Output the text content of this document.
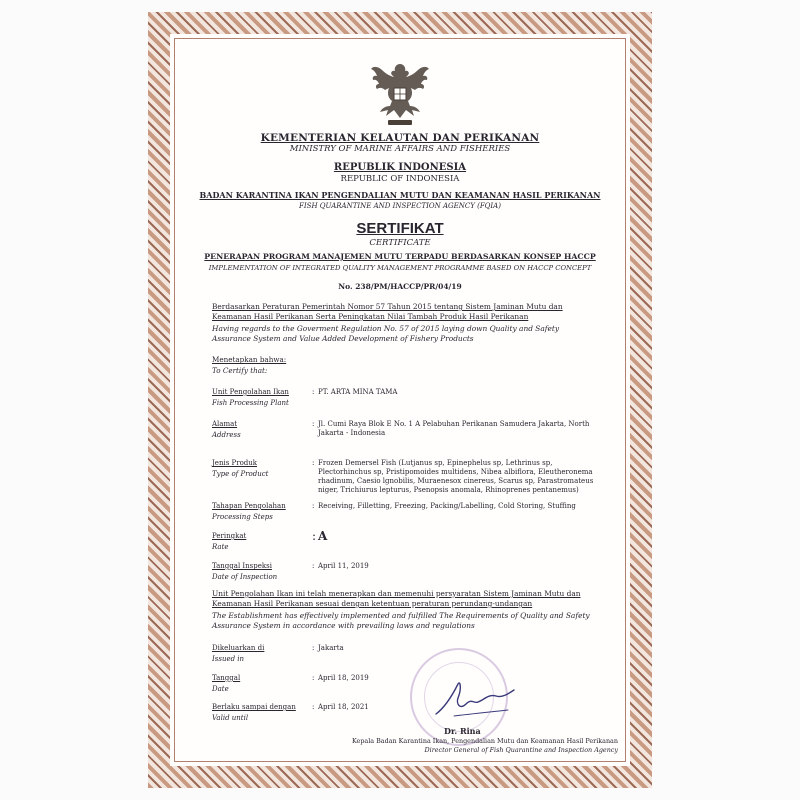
KEMENTERIAN KELAUTAN DAN PERIKANAN
MINISTRY OF MARINE AFFAIRS AND FISHERIES
REPUBLIK INDONESIA
REPUBLIC OF INDONESIA
BADAN KARANTINA IKAN PENGENDALIAN MUTU DAN KEAMANAN HASIL PERIKANAN
FISH QUARANTINE AND INSPECTION AGENCY (FQIA)
SERTIFIKAT
CERTIFICATE
PENERAPAN PROGRAM MANAJEMEN MUTU TERPADU BERDASARKAN KONSEP HACCP
IMPLEMENTATION OF INTEGRATED QUALITY MANAGEMENT PROGRAMME BASED ON HACCP CONCEPT
No. 238/PM/HACCP/PR/04/19
Berdasarkan Peraturan Pemerintah Nomor 57 Tahun 2015 tentang Sistem Jaminan Mutu dan Keamanan Hasil Perikanan Serta Peningkatan Nilai Tambah Produk Hasil Perikanan
Having regards to the Goverment Regulation No. 57 of 2015 laying down Quality and Safety Assurance System and Value Added Development of Fishery Products
Menetapkan bahwa:
To Certify that:
Unit Pengolahan Ikan
Fish Processing Plant
: PT. ARTA MINA TAMA
Alamat
Address
: Jl. Cumi Raya Blok E No. 1 A Pelabuhan Perikanan Samudera Jakarta, North Jakarta - Indonesia
Jenis Produk
Type of Product
: Frozen Demersel Fish (Lutjanus sp, Epinephelus sp, Lethrinus sp, Plectorhinchus sp, Pristipomoides multidens, Nibea albiflora, Eleutheronema rhadinum, Caesio lgnobilis, Muraenesox cinereus, Scarus sp, Parastromateus niger, Trichiurus lepturus, Psenopsis anomala, Rhinoprenes pentanemus)
Tahapan Pengolahan
Processing Steps
: Receiving, Filletting, Freezing, Packing/Labelling, Cold Storing, Stuffing
Peringkat
Rate
: A
Tanggal Inspeksi
Date of Inspection
: April 11, 2019
Unit Pengolahan Ikan ini telah menerapkan dan memenuhi persyaratan Sistem Jaminan Mutu dan Keamanan Hasil Perikanan sesuai dengan ketentuan peraturan perundang-undangan
The Establishment has effectively implemented and fulfilled The Requirements of Quality and Safety Assurance System in accordance with prevailing laws and regulations
Dikeluarkan di
Issued in
: Jakarta
Tanggal
Date
: April 18, 2019
Berlaku sampai dengan
Valid until
: April 18, 2021
Dr. Rina
Kepala Badan Karantina Ikan, Pengendalian Mutu dan Keamanan Hasil Perikanan
Director General of Fish Quarantine and Inspection Agency
